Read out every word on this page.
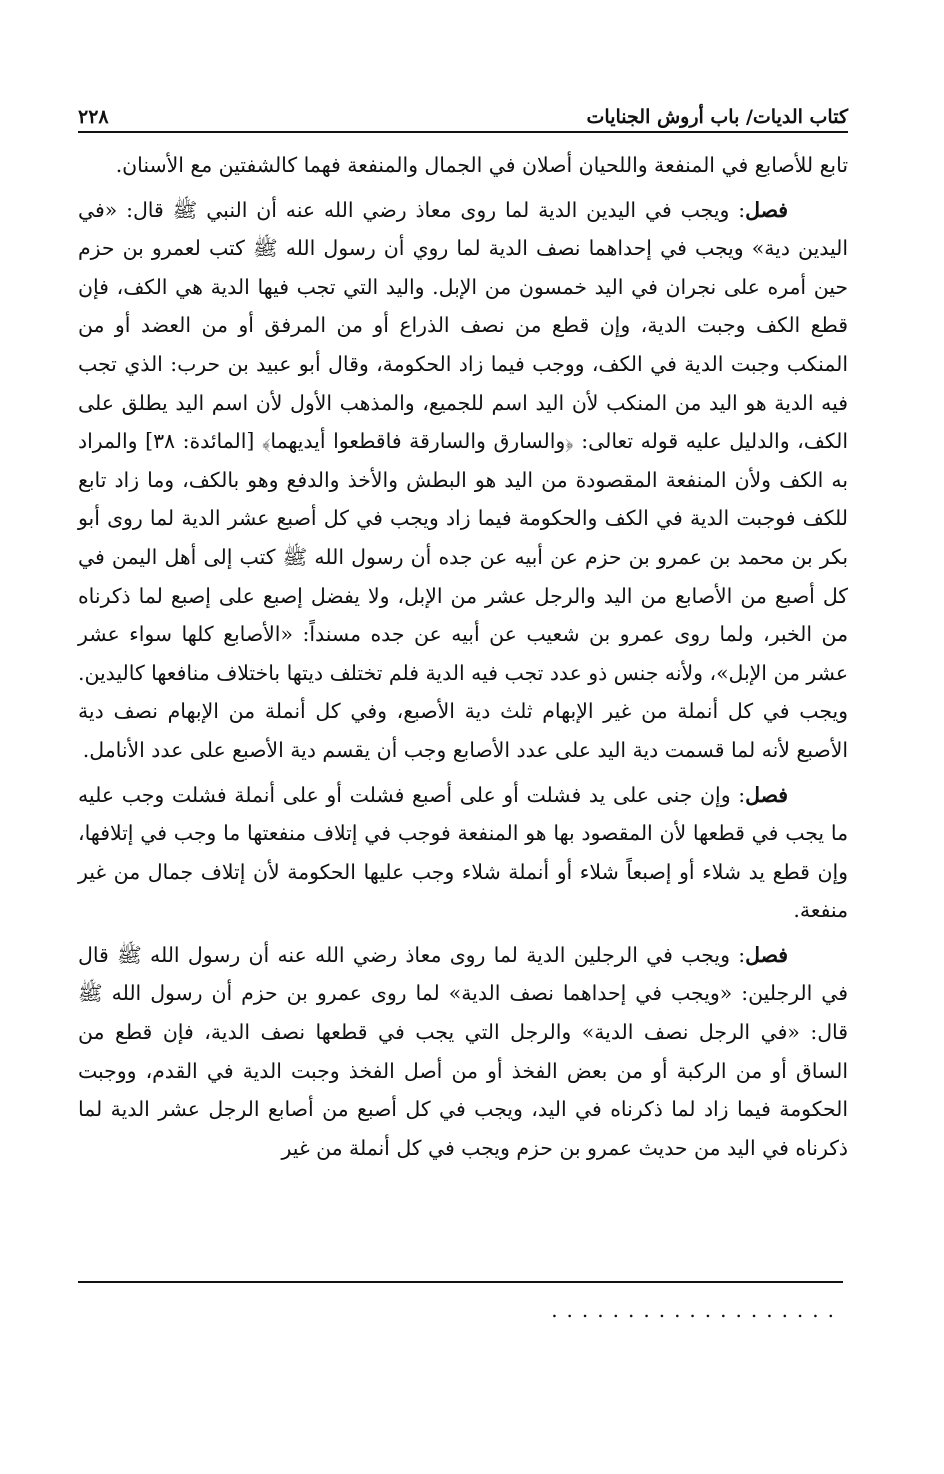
كتاب الديات/ باب أروش الجنايات
٢٢٨

تابع للأصابع في المنفعة واللحيان أصلان في الجمال والمنفعة فهما كالشفتين مع الأسنان.

فصل: ويجب في اليدين الدية لما روى معاذ رضي الله عنه أن النبي ﷺ قال: «في اليدين دية» ويجب في إحداهما نصف الدية لما روي أن رسول الله ﷺ كتب لعمرو بن حزم حين أمره على نجران في اليد خمسون من الإبل. واليد التي تجب فيها الدية هي الكف، فإن قطع الكف وجبت الدية، وإن قطع من نصف الذراع أو من المرفق أو من العضد أو من المنكب وجبت الدية في الكف، ووجب فيما زاد الحكومة، وقال أبو عبيد بن حرب: الذي تجب فيه الدية هو اليد من المنكب لأن اليد اسم للجميع، والمذهب الأول لأن اسم اليد يطلق على الكف، والدليل عليه قوله تعالى: ﴿والسارق والسارقة فاقطعوا أيديهما﴾ [المائدة: ٣٨] والمراد به الكف ولأن المنفعة المقصودة من اليد هو البطش والأخذ والدفع وهو بالكف، وما زاد تابع للكف فوجبت الدية في الكف والحكومة فيما زاد ويجب في كل أصبع عشر الدية لما روى أبو بكر بن محمد بن عمرو بن حزم عن أبيه عن جده أن رسول الله ﷺ كتب إلى أهل اليمن في كل أصبع من الأصابع من اليد والرجل عشر من الإبل، ولا يفضل إصبع على إصبع لما ذكرناه من الخبر، ولما روى عمرو بن شعيب عن أبيه عن جده مسنداً: «الأصابع كلها سواء عشر عشر من الإبل»، ولأنه جنس ذو عدد تجب فيه الدية فلم تختلف ديتها باختلاف منافعها كاليدين. ويجب في كل أنملة من غير الإبهام ثلث دية الأصبع، وفي كل أنملة من الإبهام نصف دية الأصبع لأنه لما قسمت دية اليد على عدد الأصابع وجب أن يقسم دية الأصبع على عدد الأنامل.

فصل: وإن جنى على يد فشلت أو على أصبع فشلت أو على أنملة فشلت وجب عليه ما يجب في قطعها لأن المقصود بها هو المنفعة فوجب في إتلاف منفعتها ما وجب في إتلافها، وإن قطع يد شلاء أو إصبعاً شلاء أو أنملة شلاء وجب عليها الحكومة لأن إتلاف جمال من غير منفعة.

فصل: ويجب في الرجلين الدية لما روى معاذ رضي الله عنه أن رسول الله ﷺ قال في الرجلين: «ويجب في إحداهما نصف الدية» لما روى عمرو بن حزم أن رسول الله ﷺ قال: «في الرجل نصف الدية» والرجل التي يجب في قطعها نصف الدية، فإن قطع من الساق أو من الركبة أو من بعض الفخذ أو من أصل الفخذ وجبت الدية في القدم، ووجبت الحكومة فيما زاد لما ذكرناه في اليد، ويجب في كل أصبع من أصابع الرجل عشر الدية لما ذكرناه في اليد من حديث عمرو بن حزم ويجب في كل أنملة من غير

...................
